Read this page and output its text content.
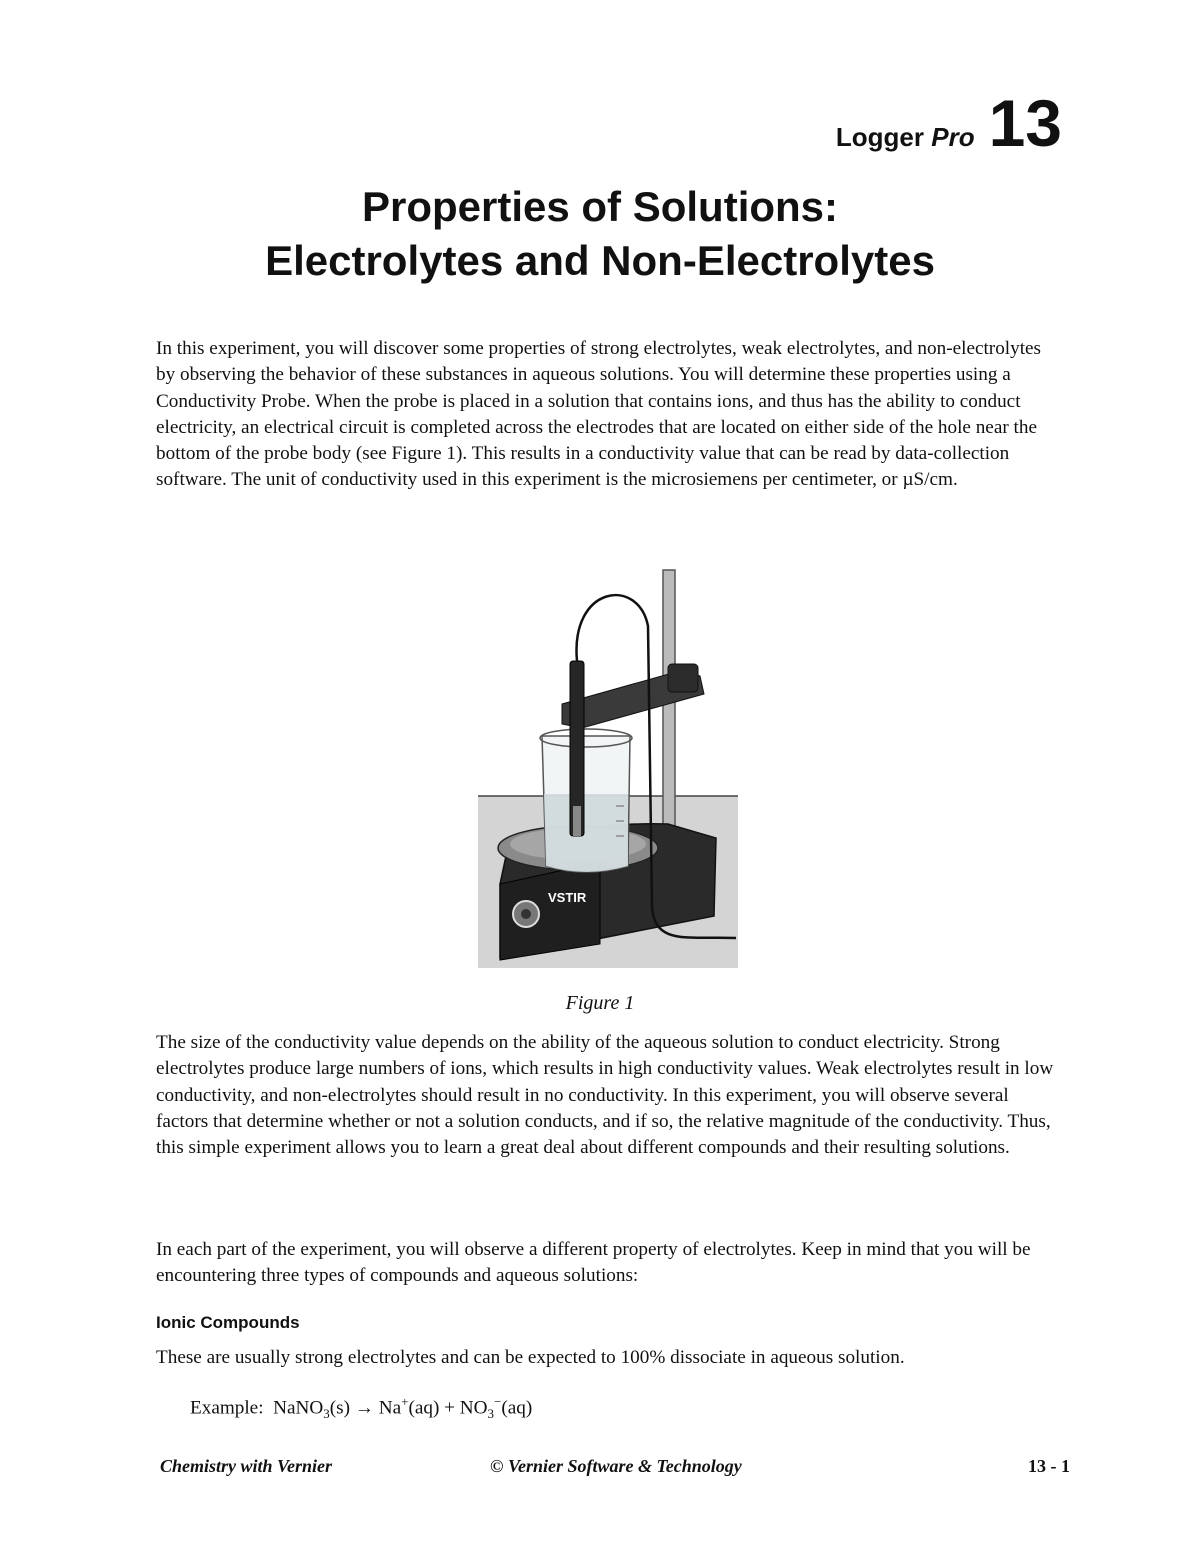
Logger Pro 13
Properties of Solutions:
Electrolytes and Non-Electrolytes
In this experiment, you will discover some properties of strong electrolytes, weak electrolytes, and non-electrolytes by observing the behavior of these substances in aqueous solutions. You will determine these properties using a Conductivity Probe. When the probe is placed in a solution that contains ions, and thus has the ability to conduct electricity, an electrical circuit is completed across the electrodes that are located on either side of the hole near the bottom of the probe body (see Figure 1). This results in a conductivity value that can be read by data-collection software. The unit of conductivity used in this experiment is the microsiemens per centimeter, or µS/cm.
VSTIR
Figure 1
The size of the conductivity value depends on the ability of the aqueous solution to conduct electricity. Strong electrolytes produce large numbers of ions, which results in high conductivity values. Weak electrolytes result in low conductivity, and non-electrolytes should result in no conductivity. In this experiment, you will observe several factors that determine whether or not a solution conducts, and if so, the relative magnitude of the conductivity. Thus, this simple experiment allows you to learn a great deal about different compounds and their resulting solutions.
In each part of the experiment, you will observe a different property of electrolytes. Keep in mind that you will be encountering three types of compounds and aqueous solutions:
Ionic Compounds
These are usually strong electrolytes and can be expected to 100% dissociate in aqueous solution.
Example: NaNO$_3$(s) → $Na^+(aq) + NO_3^-(aq)$
Chemistry with Vernier	© Vernier Software & Technology	13 - 1
